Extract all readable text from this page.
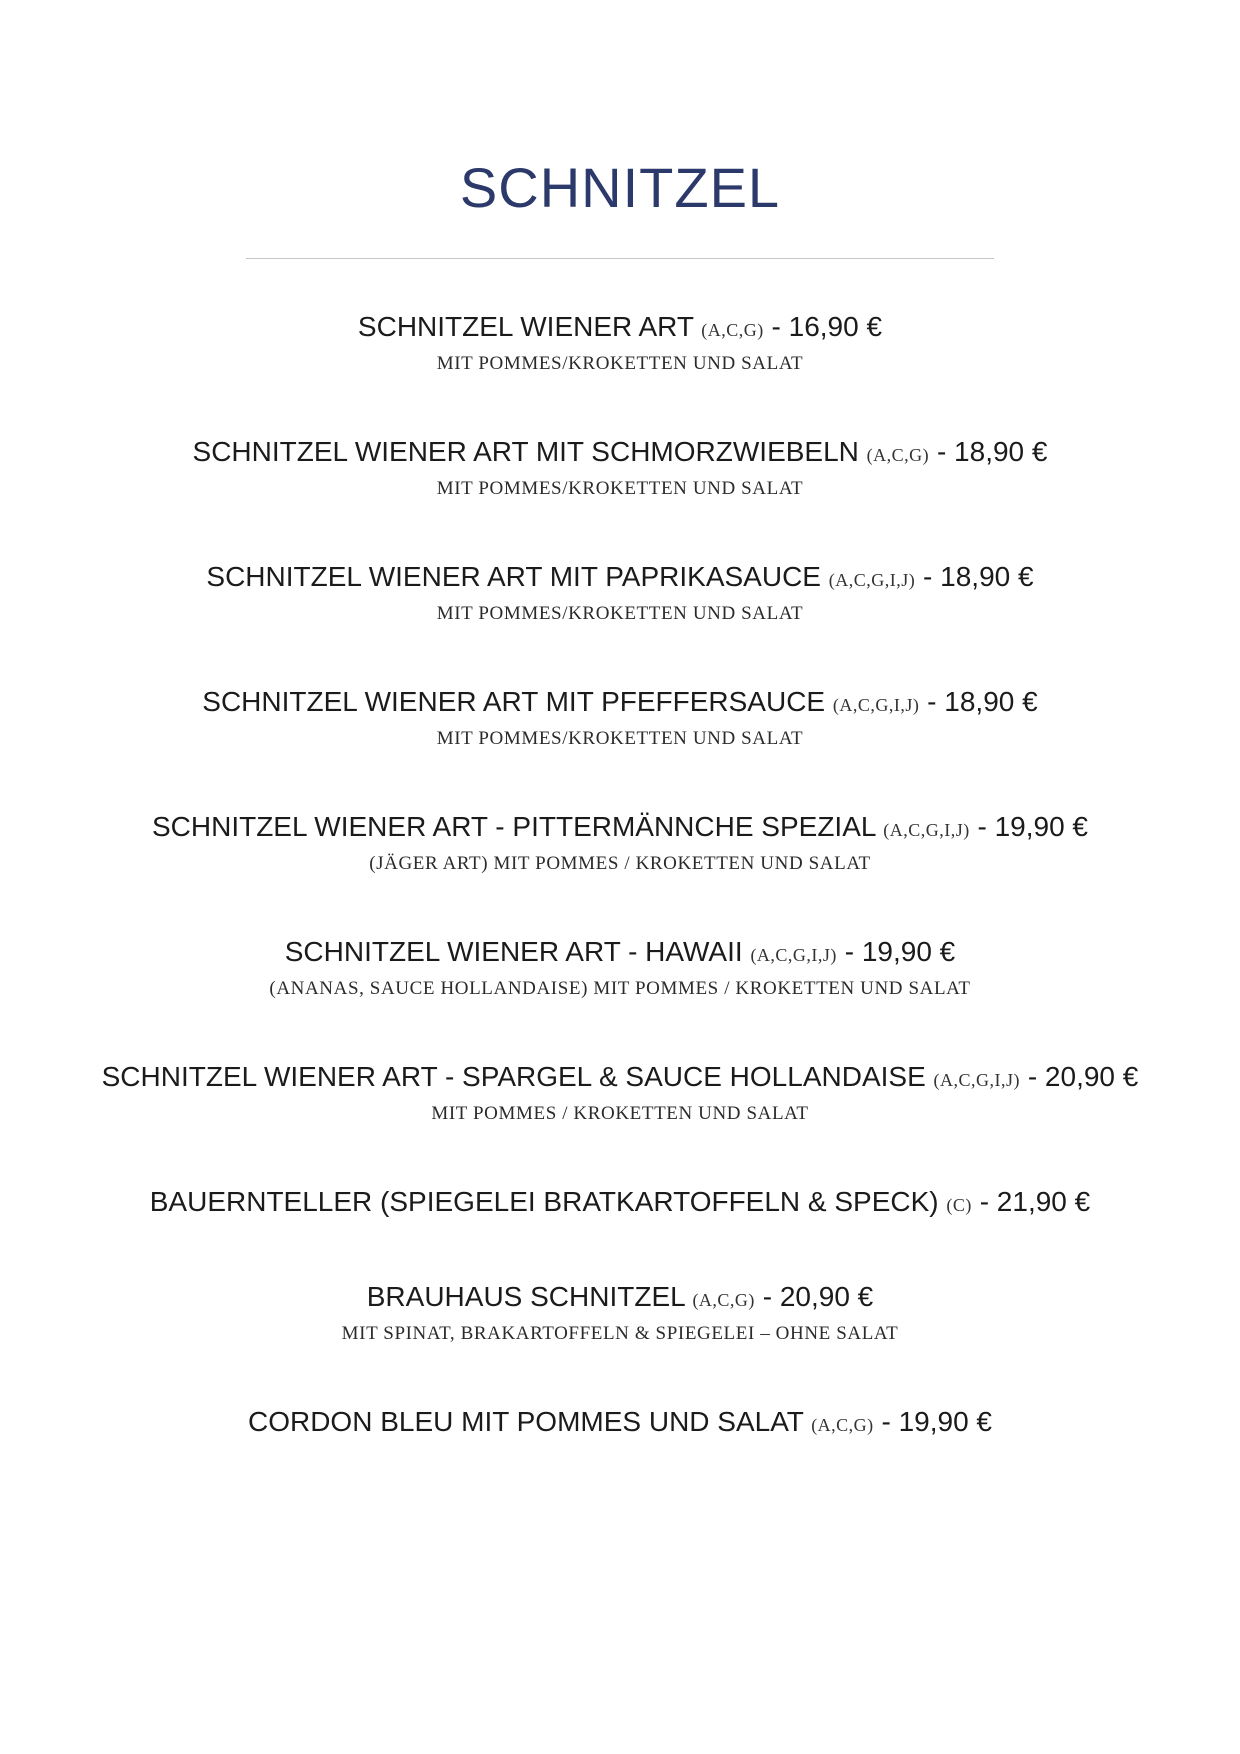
SCHNITZEL
SCHNITZEL WIENER ART (A,C,G) - 16,90 €
MIT POMMES/KROKETTEN UND SALAT
SCHNITZEL WIENER ART MIT SCHMORZWIEBELN (A,C,G) - 18,90 €
MIT POMMES/KROKETTEN UND SALAT
SCHNITZEL WIENER ART MIT PAPRIKASAUCE (A,C,G,I,J) - 18,90 €
MIT POMMES/KROKETTEN UND SALAT
SCHNITZEL WIENER ART MIT PFEFFERSAUCE (A,C,G,I,J) - 18,90 €
MIT POMMES/KROKETTEN UND SALAT
SCHNITZEL WIENER ART - PITTERMÄNNCHE SPEZIAL (A,C,G,I,J) - 19,90 €
(JÄGER ART) MIT POMMES / KROKETTEN UND SALAT
SCHNITZEL WIENER ART - HAWAII (A,C,G,I,J) - 19,90 €
(ANANAS, SAUCE HOLLANDAISE) MIT POMMES / KROKETTEN UND SALAT
SCHNITZEL WIENER ART - SPARGEL & SAUCE HOLLANDAISE (A,C,G,I,J) - 20,90 €
MIT POMMES / KROKETTEN UND SALAT
BAUERNTELLER (SPIEGELEI BRATKARTOFFELN & SPECK) (C) - 21,90 €
BRAUHAUS SCHNITZEL (A,C,G) - 20,90 €
MIT SPINAT, BRAKARTOFFELN & SPIEGELEI – OHNE SALAT
CORDON BLEU MIT POMMES UND SALAT (A,C,G) - 19,90 €
